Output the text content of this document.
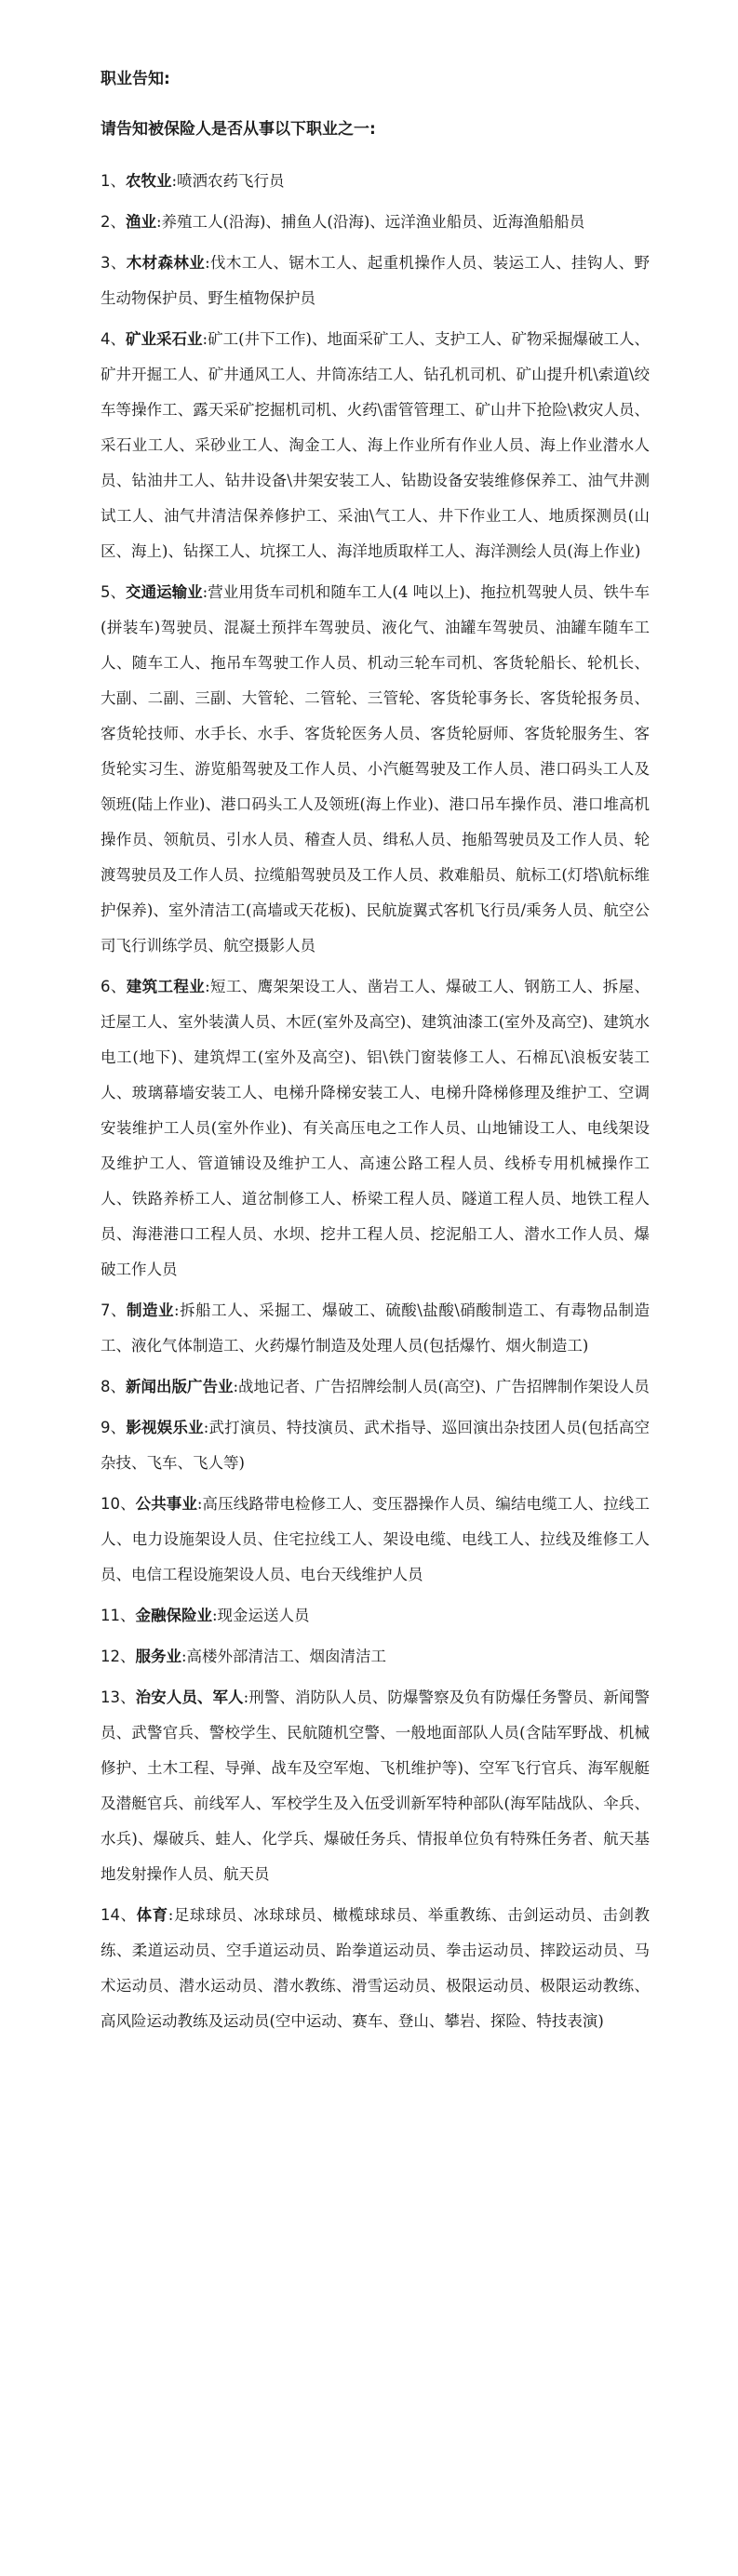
职业告知:
请告知被保险人是否从事以下职业之一:
1、农牧业:喷洒农药飞行员
2、渔业:养殖工人(沿海)、捕鱼人(沿海)、远洋渔业船员、近海渔船船员
3、木材森林业:伐木工人、锯木工人、起重机操作人员、装运工人、挂钩人、野生动物保护员、野生植物保护员
4、矿业采石业:矿工(井下工作)、地面采矿工人、支护工人、矿物采掘爆破工人、矿井开掘工人、矿井通风工人、井筒冻结工人、钻孔机司机、矿山提升机\索道\绞车等操作工、露天采矿挖掘机司机、火药\雷管管理工、矿山井下抢险\救灾人员、采石业工人、采砂业工人、淘金工人、海上作业所有作业人员、海上作业潜水人员、钻油井工人、钻井设备\井架安装工人、钻勘设备安装维修保养工、油气井测试工人、油气井清洁保养修护工、采油\气工人、井下作业工人、地质探测员(山区、海上)、钻探工人、坑探工人、海洋地质取样工人、海洋测绘人员(海上作业)
5、交通运输业:营业用货车司机和随车工人(4 吨以上)、拖拉机驾驶人员、铁牛车(拼装车)驾驶员、混凝土预拌车驾驶员、液化气、油罐车驾驶员、油罐车随车工人、随车工人、拖吊车驾驶工作人员、机动三轮车司机、客货轮船长、轮机长、大副、二副、三副、大管轮、二管轮、三管轮、客货轮事务长、客货轮报务员、客货轮技师、水手长、水手、客货轮医务人员、客货轮厨师、客货轮服务生、客货轮实习生、游览船驾驶及工作人员、小汽艇驾驶及工作人员、港口码头工人及领班(陆上作业)、港口码头工人及领班(海上作业)、港口吊车操作员、港口堆高机操作员、领航员、引水人员、稽查人员、缉私人员、拖船驾驶员及工作人员、轮渡驾驶员及工作人员、拉缆船驾驶员及工作人员、救难船员、航标工(灯塔\航标维护保养)、室外清洁工(高墙或天花板)、民航旋翼式客机飞行员/乘务人员、航空公司飞行训练学员、航空摄影人员
6、建筑工程业:短工、鹰架架设工人、凿岩工人、爆破工人、钢筋工人、拆屋、迁屋工人、室外装潢人员、木匠(室外及高空)、建筑油漆工(室外及高空)、建筑水电工(地下)、建筑焊工(室外及高空)、铝\铁门窗装修工人、石棉瓦\浪板安装工人、玻璃幕墙安装工人、电梯升降梯安装工人、电梯升降梯修理及维护工、空调安装维护工人员(室外作业)、有关高压电之工作人员、山地铺设工人、电线架设及维护工人、管道铺设及维护工人、高速公路工程人员、线桥专用机械操作工人、铁路养桥工人、道岔制修工人、桥梁工程人员、隧道工程人员、地铁工程人员、海港港口工程人员、水坝、挖井工程人员、挖泥船工人、潜水工作人员、爆破工作人员
7、制造业:拆船工人、采掘工、爆破工、硫酸\盐酸\硝酸制造工、有毒物品制造工、液化气体制造工、火药爆竹制造及处理人员(包括爆竹、烟火制造工)
8、新闻出版广告业:战地记者、广告招牌绘制人员(高空)、广告招牌制作架设人员
9、影视娱乐业:武打演员、特技演员、武术指导、巡回演出杂技团人员(包括高空杂技、飞车、飞人等)
10、公共事业:高压线路带电检修工人、变压器操作人员、编结电缆工人、拉线工人、电力设施架设人员、住宅拉线工人、架设电缆、电线工人、拉线及维修工人员、电信工程设施架设人员、电台天线维护人员
11、金融保险业:现金运送人员
12、服务业:高楼外部清洁工、烟囱清洁工
13、治安人员、军人:刑警、消防队人员、防爆警察及负有防爆任务警员、新闻警员、武警官兵、警校学生、民航随机空警、一般地面部队人员(含陆军野战、机械修护、土木工程、导弹、战车及空军炮、飞机维护等)、空军飞行官兵、海军舰艇及潜艇官兵、前线军人、军校学生及入伍受训新军特种部队(海军陆战队、伞兵、水兵)、爆破兵、蛙人、化学兵、爆破任务兵、情报单位负有特殊任务者、航天基地发射操作人员、航天员
14、体育:足球球员、冰球球员、橄榄球球员、举重教练、击剑运动员、击剑教练、柔道运动员、空手道运动员、跆拳道运动员、拳击运动员、摔跤运动员、马术运动员、潜水运动员、潜水教练、滑雪运动员、极限运动员、极限运动教练、高风险运动教练及运动员(空中运动、赛车、登山、攀岩、探险、特技表演)
